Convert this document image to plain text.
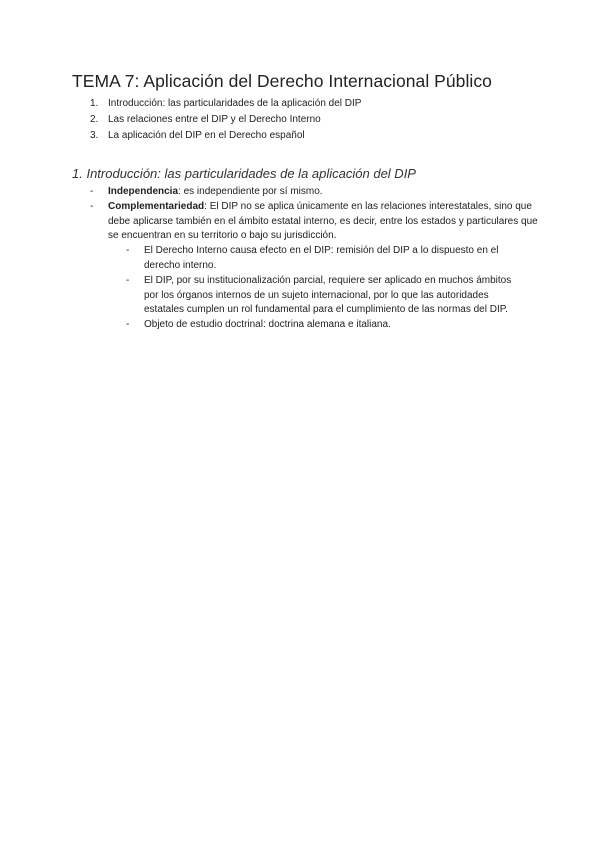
TEMA 7: Aplicación del Derecho Internacional Público
1. Introducción: las particularidades de la aplicación del DIP
2. Las relaciones entre el DIP y el Derecho Interno
3. La aplicación del DIP en el Derecho español
1. Introducción: las particularidades de la aplicación del DIP
- Independencia: es independiente por sí mismo.
- Complementariedad: El DIP no se aplica únicamente en las relaciones interestatales, sino que debe aplicarse también en el ámbito estatal interno, es decir, entre los estados y particulares que se encuentran en su territorio o bajo su jurisdicción.
- El Derecho Interno causa efecto en el DIP: remisión del DIP a lo dispuesto en el derecho interno.
- El DIP, por su institucionalización parcial, requiere ser aplicado en muchos ámbitos por los órganos internos de un sujeto internacional, por lo que las autoridades estatales cumplen un rol fundamental para el cumplimiento de las normas del DIP.
- Objeto de estudio doctrinal: doctrina alemana e italiana.
